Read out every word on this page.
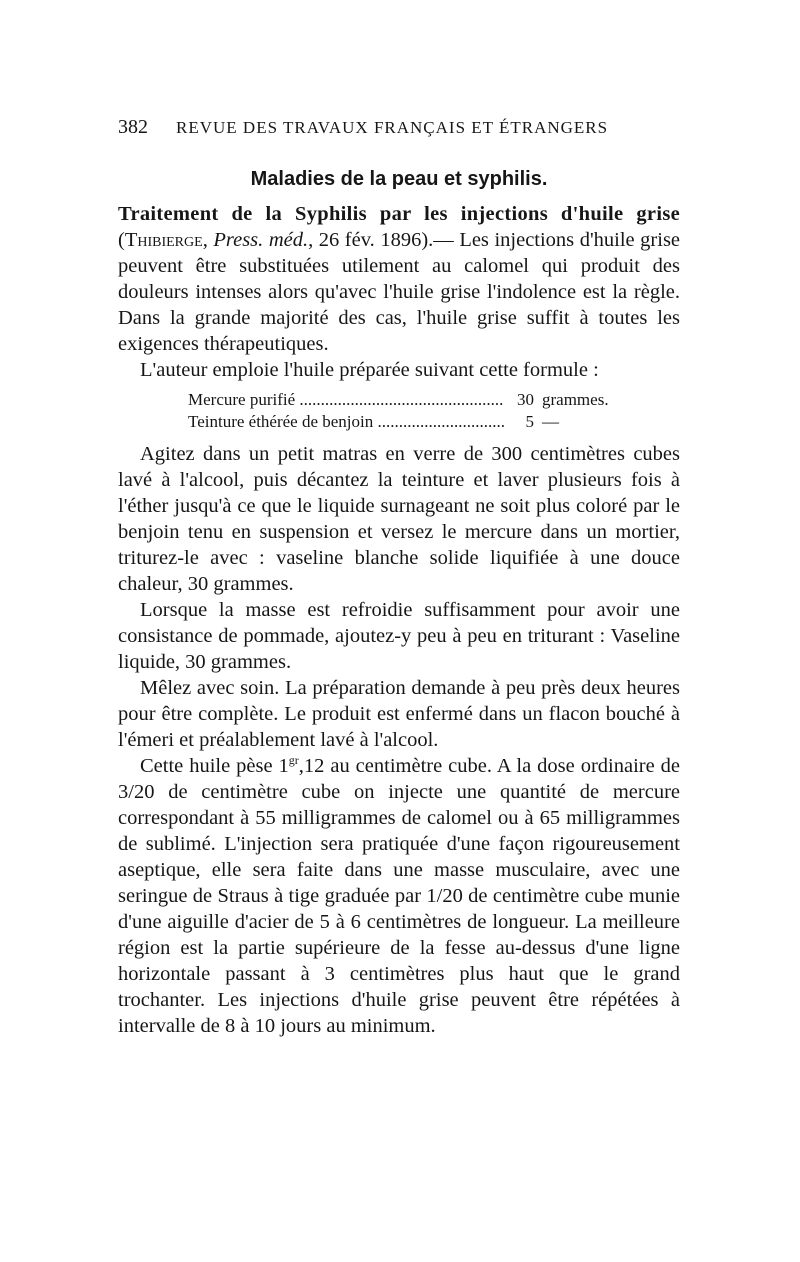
382 REVUE DES TRAVAUX FRANÇAIS ET ÉTRANGERS
Maladies de la peau et syphilis.

Traitement de la Syphilis par les injections d'huile grise (Thibierge, Press. méd., 26 fév. 1896).— Les injections d'huile grise peuvent être substituées utilement au calomel qui produit des douleurs intenses alors qu'avec l'huile grise l'indolence est la règle. Dans la grande majorité des cas, l'huile grise suffit à toutes les exigences thérapeutiques.

L'auteur emploie l'huile préparée suivant cette formule :

Mercure purifié .....	30 grammes.
Teinture éthérée de benjoin .....	5 —

Agitez dans un petit matras en verre de 300 centimètres cubes lavé à l'alcool, puis décantez la teinture et laver plusieurs fois à l'éther jusqu'à ce que le liquide surnageant ne soit plus coloré par le benjoin tenu en suspension et versez le mercure dans un mortier, triturez-le avec : vaseline blanche solide liquifiée à une douce chaleur, 30 grammes.

Lorsque la masse est refroidie suffisamment pour avoir une consistance de pommade, ajoutez-y peu à peu en triturant : Vaseline liquide, 30 grammes.

Mêlez avec soin. La préparation demande à peu près deux heures pour être complète. Le produit est enfermé dans un flacon bouché à l'émeri et préalablement lavé à l'alcool.

Cette huile pèse $1^{gr},12$ au centimètre cube. A la dose ordinaire de 3/20 de centimètre cube on injecte une quantité de mercure correspondant à 55 milligrammes de calomel ou à 65 milligrammes de sublimé. L'injection sera pratiquée d'une façon rigoureusement aseptique, elle sera faite dans une masse musculaire, avec une seringue de Straus à tige graduée par 1/20 de centimètre cube munie d'une aiguille d'acier de 5 à 6 centimètres de longueur. La meilleure région est la partie supérieure de la fesse au-dessus d'une ligne horizontale passant à 3 centimètres plus haut que le grand trochanter. Les injections d'huile grise peuvent être répétées à intervalle de 8 à 10 jours au minimum.
